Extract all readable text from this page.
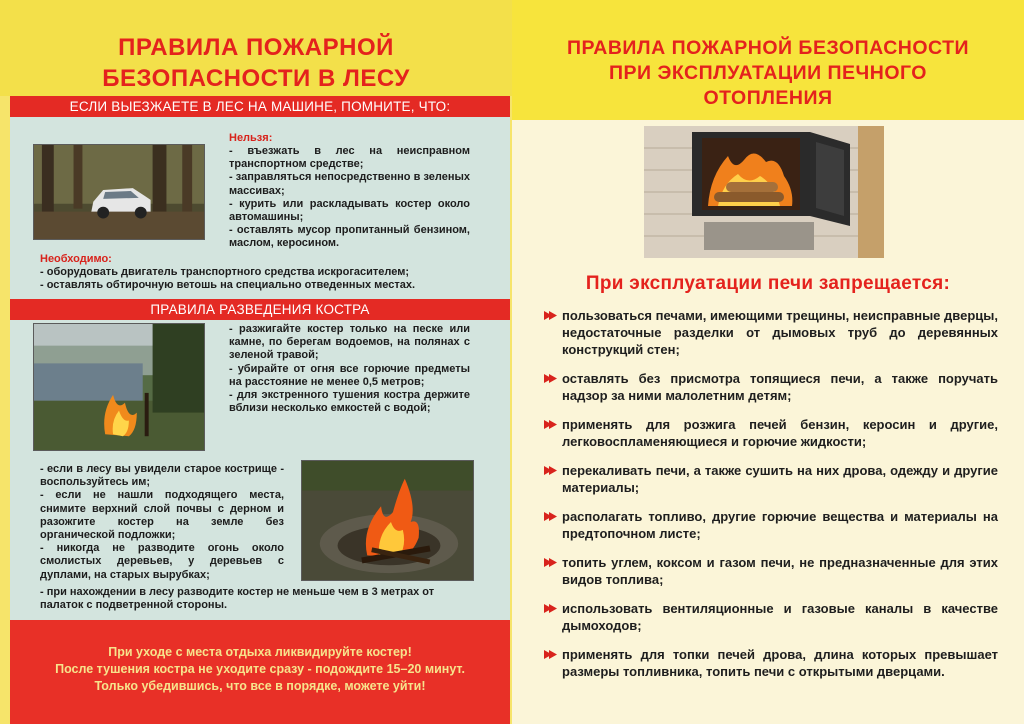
ПРАВИЛА ПОЖАРНОЙ
БЕЗОПАСНОСТИ В ЛЕСУ
ЕСЛИ ВЫЕЗЖАЕТЕ В ЛЕС НА МАШИНЕ, ПОМНИТЕ, ЧТО:
Нельзя:
- въезжать в лес на неисправном транспортном средстве;
- заправляться непосредственно в зеленых массивах;
- курить или раскладывать костер около автомашины;
- оставлять мусор пропитанный бензином, маслом, керосином.
Необходимо:
- оборудовать двигатель транспортного средства искрогасителем;
- оставлять обтирочную ветошь на специально отведенных местах.
ПРАВИЛА РАЗВЕДЕНИЯ КОСТРА
- разжигайте костер только на песке или камне, по берегам водоемов, на полянах с зеленой травой;
- убирайте от огня все горючие предметы на расстояние не менее 0,5 метров;
- для экстренного тушения костра держите вблизи несколько емкостей с водой;
- если в лесу вы увидели старое кострище - воспользуйтесь им;
- если не нашли подходящего места, снимите верхний слой почвы с дерном и разожгите костер на земле без органической подложки;
- никогда не разводите огонь около смолистых деревьев, у деревьев с дуплами, на старых вырубках;
- при нахождении в лесу разводите костер не меньше чем в 3 метрах от палаток с подветренной стороны.
При уходе с места отдыха ликвидируйте костер!
После тушения костра не уходите сразу - подождите 15–20 минут.
Только убедившись, что все в порядке, можете уйти!
ПРАВИЛА ПОЖАРНОЙ БЕЗОПАСНОСТИ
ПРИ ЭКСПЛУАТАЦИИ ПЕЧНОГО
ОТОПЛЕНИЯ
При эксплуатации печи запрещается:
пользоваться печами, имеющими трещины, неисправные дверцы, недостаточные разделки от дымовых труб до деревянных конструкций стен;
оставлять без присмотра топящиеся печи, а также поручать надзор за ними малолетним детям;
применять для розжига печей бензин, керосин и другие, легковоспламеняющиеся и горючие жидкости;
перекаливать печи, а также сушить на них дрова, одежду и другие материалы;
располагать топливо, другие горючие вещества и материалы на предтопочном листе;
топить углем, коксом и газом печи, не предназначенные для этих видов топлива;
использовать вентиляционные и газовые каналы в качестве дымоходов;
применять для топки печей дрова, длина которых превышает размеры топливника, топить печи с открытыми дверцами.
